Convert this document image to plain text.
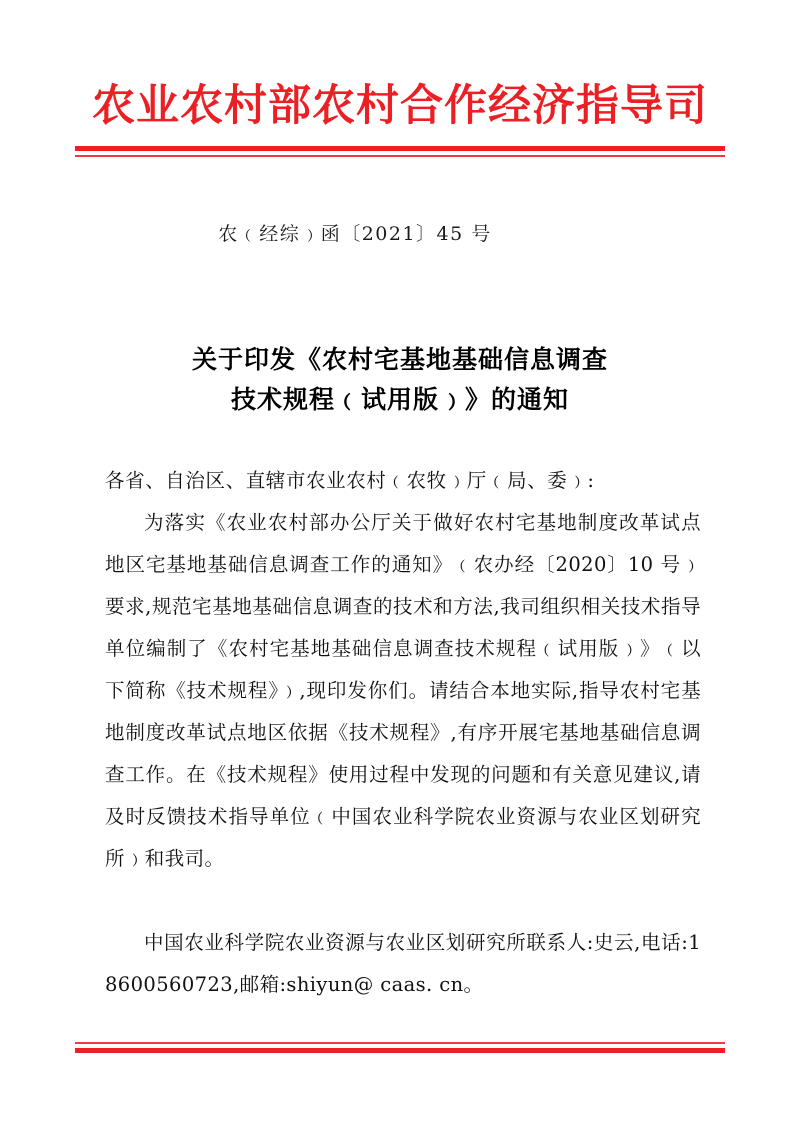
农业农村部农村合作经济指导司
农﹙经综﹚函〔2021〕45 号
关于印发《农村宅基地基础信息调查
技术规程﹙试用版﹚》的通知
各省、自治区、直辖市农业农村﹙农牧﹚厅﹙局、委﹚:

为落实《农业农村部办公厅关于做好农村宅基地制度改革试点地区宅基地基础信息调查工作的通知》﹙农办经〔2020〕10 号﹚要求,规范宅基地基础信息调查的技术和方法,我司组织相关技术指导单位编制了《农村宅基地基础信息调查技术规程﹙试用版﹚》﹙以下简称《技术规程》﹚,现印发你们。请结合本地实际,指导农村宅基地制度改革试点地区依据《技术规程》,有序开展宅基地基础信息调查工作。在《技术规程》使用过程中发现的问题和有关意见建议,请及时反馈技术指导单位﹙中国农业科学院农业资源与农业区划研究所﹚和我司。

中国农业科学院农业资源与农业区划研究所联系人:史云,电话:18600560723,邮箱:shiyun@ caas. cn。
